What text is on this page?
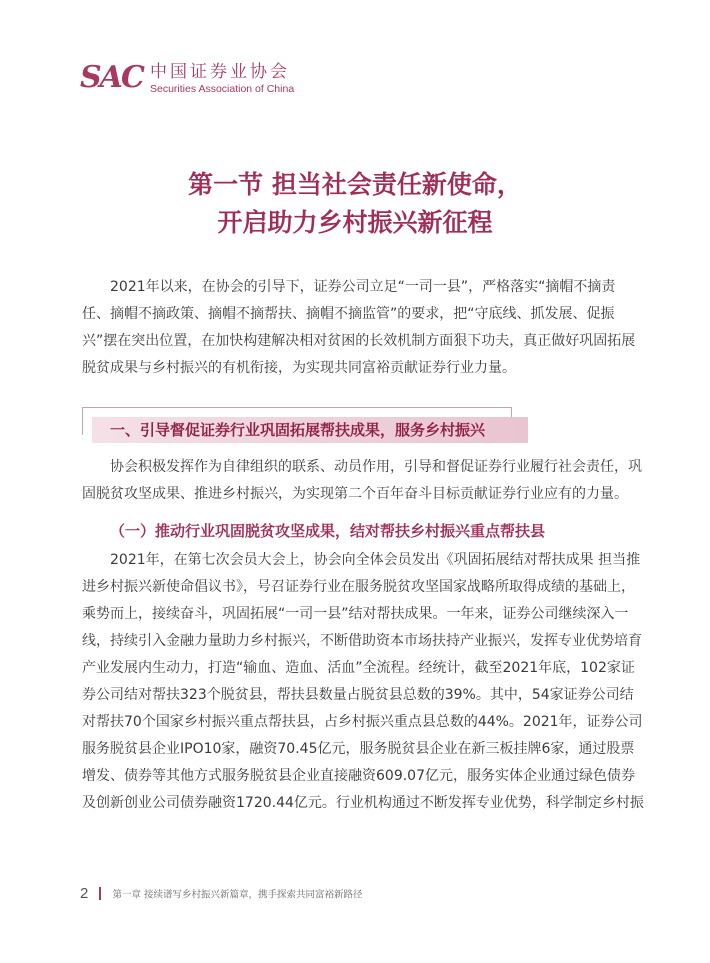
SAC 中国证券业协会
Securities Association of China
第一节 担当社会责任新使命，
开启助力乡村振兴新征程
2021年以来，在协会的引导下，证券公司立足“一司一县”，严格落实“摘帽不摘责
任、摘帽不摘政策、摘帽不摘帮扶、摘帽不摘监管”的要求，把“守底线、抓发展、促振
兴”摆在突出位置，在加快构建解决相对贫困的长效机制方面狠下功夫，真正做好巩固拓展
脱贫成果与乡村振兴的有机衔接，为实现共同富裕贡献证券行业力量。
一、引导督促证券行业巩固拓展帮扶成果，服务乡村振兴
协会积极发挥作为自律组织的联系、动员作用，引导和督促证券行业履行社会责任，巩
固脱贫攻坚成果、推进乡村振兴，为实现第二个百年奋斗目标贡献证券行业应有的力量。
（一）推动行业巩固脱贫攻坚成果，结对帮扶乡村振兴重点帮扶县
2021年，在第七次会员大会上，协会向全体会员发出《巩固拓展结对帮扶成果 担当推
进乡村振兴新使命倡议书》，号召证券行业在服务脱贫攻坚国家战略所取得成绩的基础上，
乘势而上，接续奋斗，巩固拓展“一司一县”结对帮扶成果。一年来，证券公司继续深入一
线，持续引入金融力量助力乡村振兴，不断借助资本市场扶持产业振兴，发挥专业优势培育
产业发展内生动力，打造“输血、造血、活血”全流程。经统计，截至2021年底，102家证
券公司结对帮扶323个脱贫县，帮扶县数量占脱贫县总数的39%。其中，54家证券公司结
对帮扶70个国家乡村振兴重点帮扶县，占乡村振兴重点县总数的44%。2021年，证券公司
服务脱贫县企业IPO10家，融资70.45亿元，服务脱贫县企业在新三板挂牌6家，通过股票
增发、债券等其他方式服务脱贫县企业直接融资609.07亿元，服务实体企业通过绿色债券
及创新创业公司债券融资1720.44亿元。行业机构通过不断发挥专业优势，科学制定乡村振
2	第一章 接续谱写乡村振兴新篇章，携手探索共同富裕新路径
